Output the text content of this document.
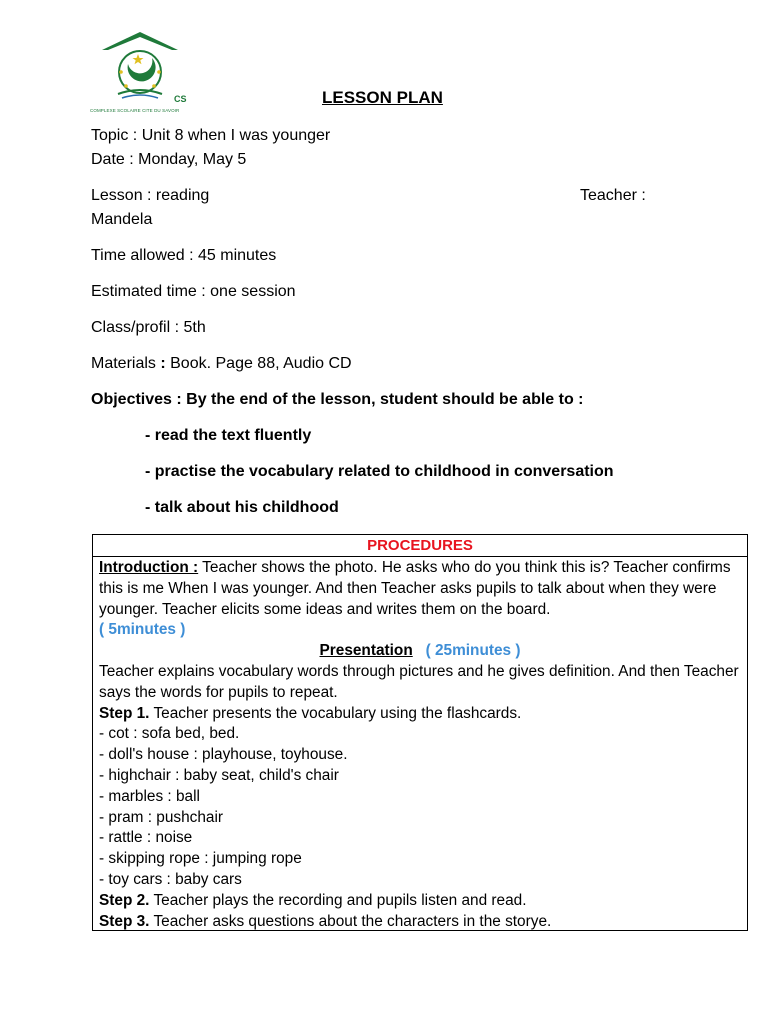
CS
COMPLEXE SCOLAIRE CITE DU SAVOIR
LESSON PLAN
Topic : Unit 8 when I was younger
Date : Monday, May 5
Lesson : reading	Teacher :
Mandela
Time allowed : 45 minutes
Estimated time : one session
Class/profil : 5th
Materials : Book. Page 88, Audio CD
Objectives : By the end of the lesson, student should be able to :
- read the text fluently
- practise the vocabulary related to childhood in conversation
- talk about his childhood
PROCEDURES

Introduction : Teacher shows the photo. He asks who do you think this is? Teacher confirms this is me When I was younger. And then Teacher asks pupils to talk about when they were younger. Teacher elicits some ideas and writes them on the board.

( 5minutes )

Presentation ( 25minutes )

Teacher explains vocabulary words through pictures and he gives definition. And then Teacher says the words for pupils to repeat.

Step 1. Teacher presents the vocabulary using the flashcards.

- cot : sofa bed, bed.

- doll's house : playhouse, toyhouse.

- highchair : baby seat, child's chair

- marbles : ball

- pram : pushchair

- rattle : noise

- skipping rope : jumping rope

- toy cars : baby cars

Step 2. Teacher plays the recording and pupils listen and read.

Step 3. Teacher asks questions about the characters in the storye.
